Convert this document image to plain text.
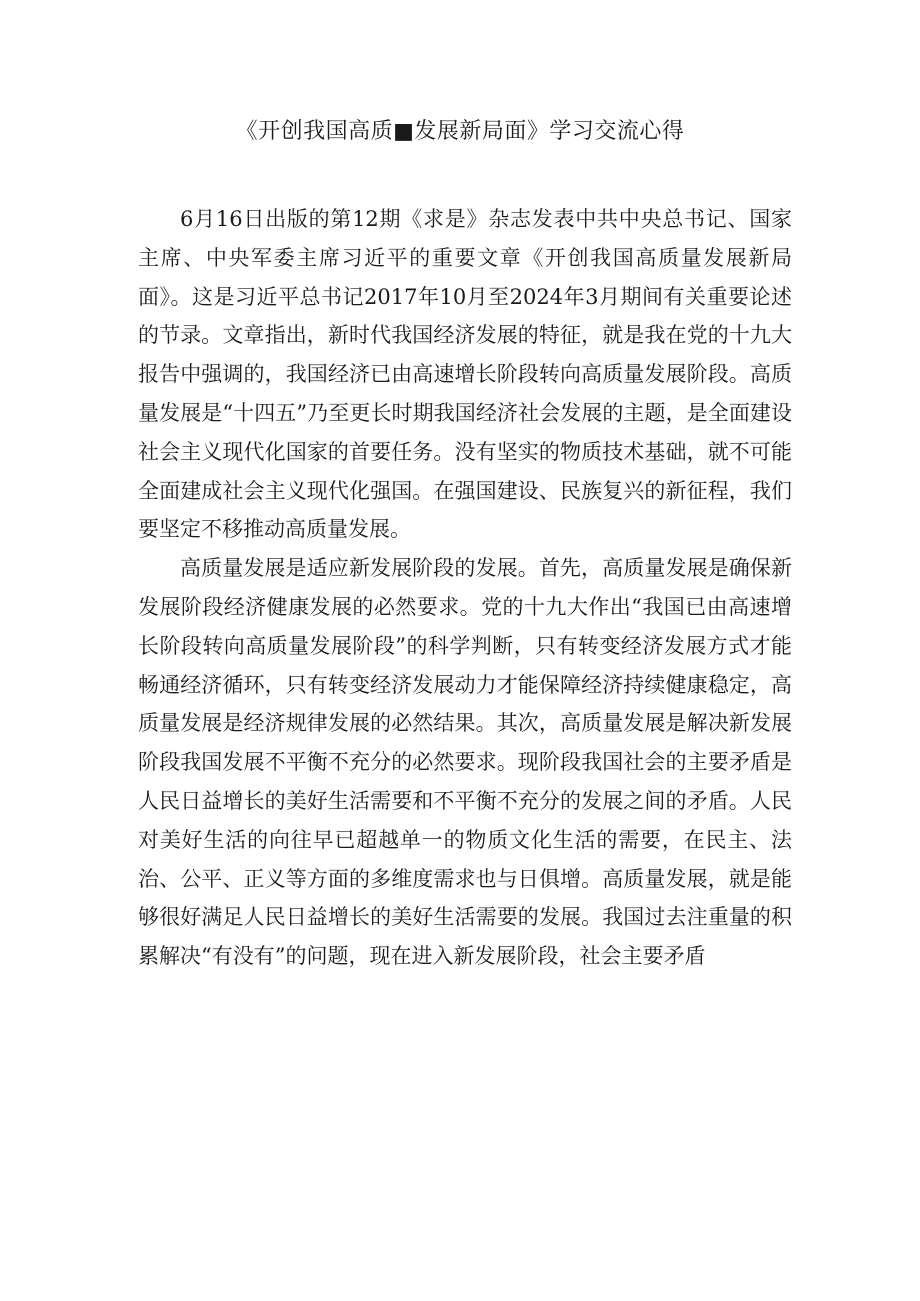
《开创我国高质■发展新局面》学习交流心得

6月16日出版的第12期《求是》杂志发表中共中央总书记、国家主席、中央军委主席习近平的重要文章《开创我国高质量发展新局面》。这是习近平总书记2017年10月至2024年3月期间有关重要论述的节录。文章指出，新时代我国经济发展的特征，就是我在党的十九大报告中强调的，我国经济已由高速增长阶段转向高质量发展阶段。高质量发展是“十四五”乃至更长时期我国经济社会发展的主题，是全面建设社会主义现代化国家的首要任务。没有坚实的物质技术基础，就不可能全面建成社会主义现代化强国。在强国建设、民族复兴的新征程，我们要坚定不移推动高质量发展。

高质量发展是适应新发展阶段的发展。首先，高质量发展是确保新发展阶段经济健康发展的必然要求。党的十九大作出“我国已由高速增长阶段转向高质量发展阶段”的科学判断，只有转变经济发展方式才能畅通经济循环，只有转变经济发展动力才能保障经济持续健康稳定，高质量发展是经济规律发展的必然结果。其次，高质量发展是解决新发展阶段我国发展不平衡不充分的必然要求。现阶段我国社会的主要矛盾是人民日益增长的美好生活需要和不平衡不充分的发展之间的矛盾。人民对美好生活的向往早已超越单一的物质文化生活的需要，在民主、法治、公平、正义等方面的多维度需求也与日俱增。高质量发展，就是能够很好满足人民日益增长的美好生活需要的发展。我国过去注重量的积累解决“有没有”的问题，现在进入新发展阶段，社会主要矛盾
